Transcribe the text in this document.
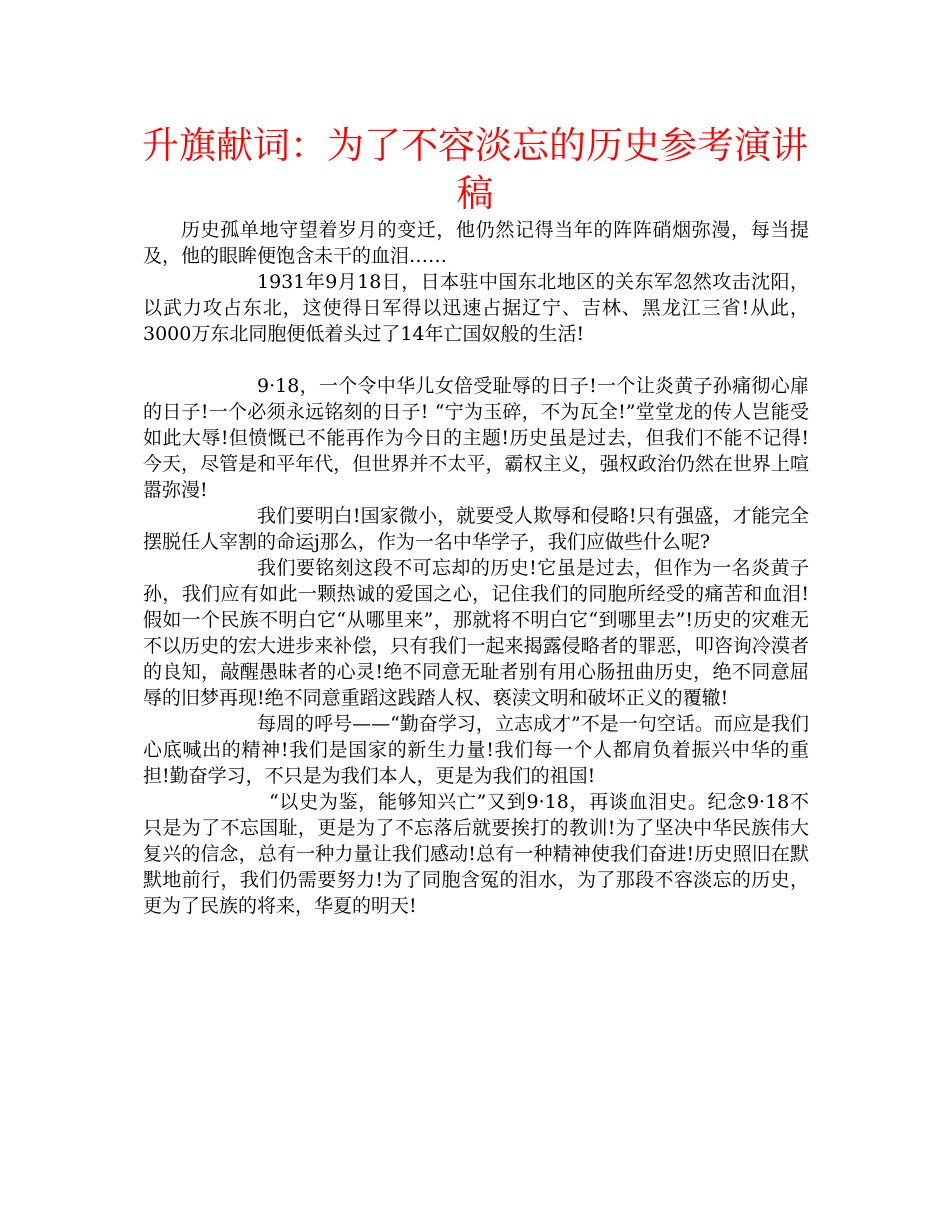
升旗献词：为了不容淡忘的历史参考演讲稿

历史孤单地守望着岁月的变迁，他仍然记得当年的阵阵硝烟弥漫，每当提及，他的眼眸便饱含未干的血泪……

1931年9月18日，日本驻中国东北地区的关东军忽然攻击沈阳，以武力攻占东北，这使得日军得以迅速占据辽宁、吉林、黑龙江三省!从此，3000万东北同胞便低着头过了14年亡国奴般的生活!

9·18，一个令中华儿女倍受耻辱的日子!一个让炎黄子孙痛彻心扉的日子!一个必须永远铭刻的日子! “宁为玉碎，不为瓦全!”堂堂龙的传人岂能受如此大辱!但愤慨已不能再作为今日的主题!历史虽是过去，但我们不能不记得!今天，尽管是和平年代，但世界并不太平，霸权主义，强权政治仍然在世界上喧嚣弥漫!

我们要明白!国家微小，就要受人欺辱和侵略!只有强盛，才能完全摆脱任人宰割的命运j那么，作为一名中华学子，我们应做些什么呢?

我们要铭刻这段不可忘却的历史!它虽是过去，但作为一名炎黄子孙，我们应有如此一颗热诚的爱国之心，记住我们的同胞所经受的痛苦和血泪!假如一个民族不明白它“从哪里来”，那就将不明白它“到哪里去”!历史的灾难无不以历史的宏大进步来补偿，只有我们一起来揭露侵略者的罪恶，叩咨询冷漠者的良知，敲醒愚昧者的心灵!绝不同意无耻者别有用心肠扭曲历史，绝不同意屈辱的旧梦再现!绝不同意重蹈这践踏人权、亵渎文明和破坏正义的覆辙!

每周的呼号——“勤奋学习，立志成才”不是一句空话。而应是我们心底喊出的精神!我们是国家的新生力量!我们每一个人都肩负着振兴中华的重担!勤奋学习，不只是为我们本人，更是为我们的祖国!

“以史为鉴，能够知兴亡”又到9·18，再谈血泪史。纪念9·18不只是为了不忘国耻，更是为了不忘落后就要挨打的教训!为了坚决中华民族伟大复兴的信念，总有一种力量让我们感动!总有一种精神使我们奋进!历史照旧在默默地前行，我们仍需要努力!为了同胞含冤的泪水，为了那段不容淡忘的历史，更为了民族的将来，华夏的明天!
